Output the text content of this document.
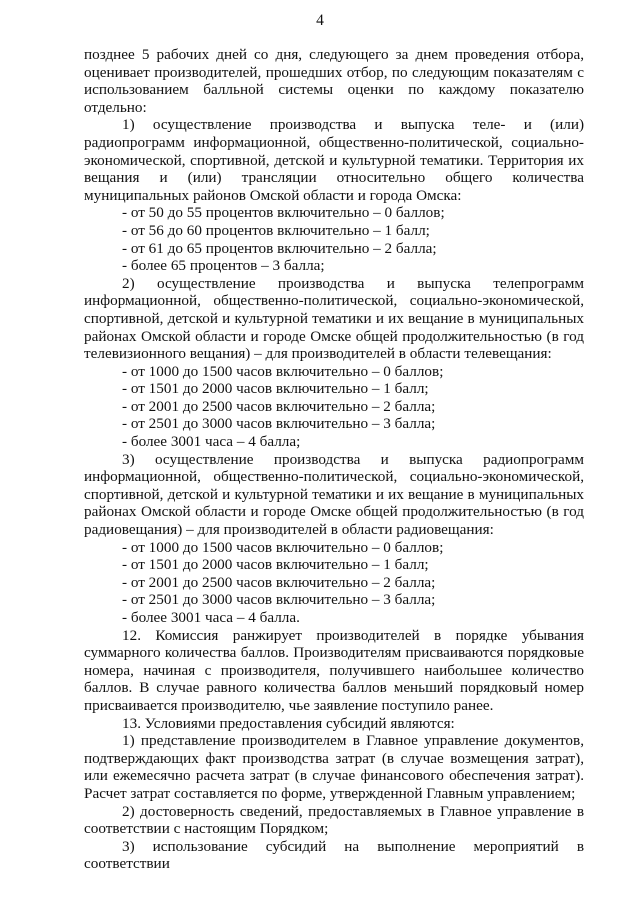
4

позднее 5 рабочих дней со дня, следующего за днем проведения отбора, оценивает производителей, прошедших отбор, по следующим показателям с использованием балльной системы оценки по каждому показателю отдельно:

1) осуществление производства и выпуска теле- и (или) радиопрограмм информационной, общественно-политической, социально-экономической, спортивной, детской и культурной тематики. Территория их вещания и (или) трансляции относительно общего количества муниципальных районов Омской области и города Омска:

- от 50 до 55 процентов включительно – 0 баллов;

- от 56 до 60 процентов включительно – 1 балл;

- от 61 до 65 процентов включительно – 2 балла;

- более 65 процентов – 3 балла;

2) осуществление производства и выпуска телепрограмм информационной, общественно-политической, социально-экономической, спортивной, детской и культурной тематики и их вещание в муниципальных районах Омской области и городе Омске общей продолжительностью (в год телевизионного вещания) – для производителей в области телевещания:

- от 1000 до 1500 часов включительно – 0 баллов;

- от 1501 до 2000 часов включительно – 1 балл;

- от 2001 до 2500 часов включительно – 2 балла;

- от 2501 до 3000 часов включительно – 3 балла;

- более 3001 часа – 4 балла;

3) осуществление производства и выпуска радиопрограмм информационной, общественно-политической, социально-экономической, спортивной, детской и культурной тематики и их вещание в муниципальных районах Омской области и городе Омске общей продолжительностью (в год радиовещания) – для производителей в области радиовещания:

- от 1000 до 1500 часов включительно – 0 баллов;

- от 1501 до 2000 часов включительно – 1 балл;

- от 2001 до 2500 часов включительно – 2 балла;

- от 2501 до 3000 часов включительно – 3 балла;

- более 3001 часа – 4 балла.

12. Комиссия ранжирует производителей в порядке убывания суммарного количества баллов. Производителям присваиваются порядковые номера, начиная с производителя, получившего наибольшее количество баллов. В случае равного количества баллов меньший порядковый номер присваивается производителю, чье заявление поступило ранее.

13. Условиями предоставления субсидий являются:

1) представление производителем в Главное управление документов, подтверждающих факт производства затрат (в случае возмещения затрат), или ежемесячно расчета затрат (в случае финансового обеспечения затрат). Расчет затрат составляется по форме, утвержденной Главным управлением;

2) достоверность сведений, предоставляемых в Главное управление в соответствии с настоящим Порядком;

3) использование субсидий на выполнение мероприятий в соответствии
